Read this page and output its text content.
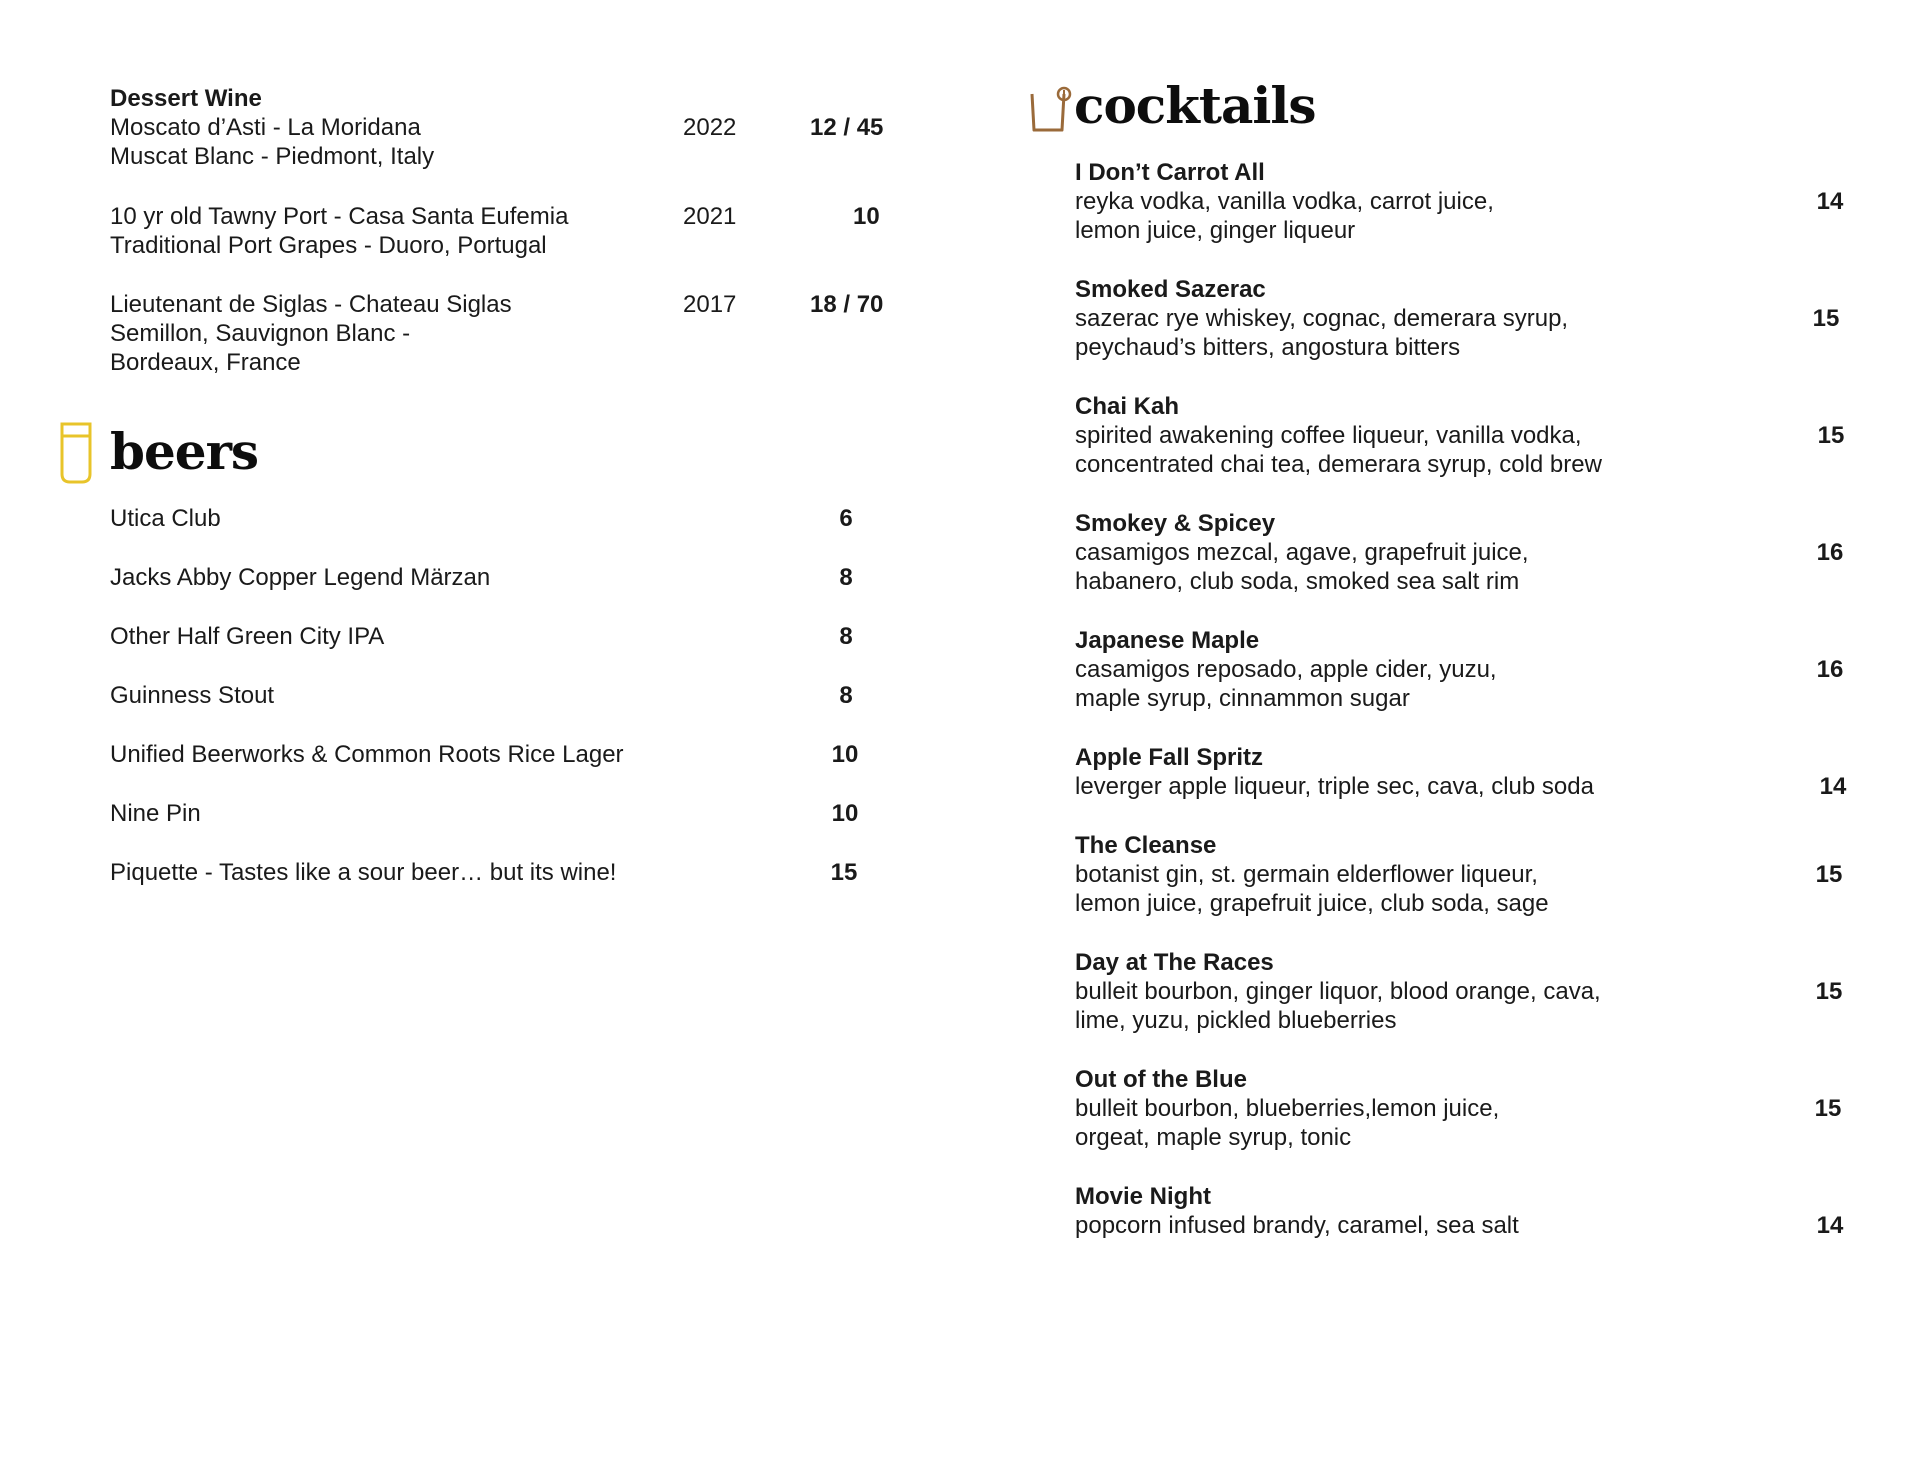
Dessert Wine
Moscato d’Asti - La Moridana	2022	12 / 45
Muscat Blanc - Piedmont, Italy
10 yr old Tawny Port - Casa Santa Eufemia	2021	10
Traditional Port Grapes - Duoro, Portugal
Lieutenant de Siglas - Chateau Siglas	2017	18 / 70
Semillon, Sauvignon Blanc -
Bordeaux, France
beers
Utica Club	6
Jacks Abby Copper Legend Märzan	8
Other Half Green City IPA	8
Guinness Stout	8
Unified Beerworks & Common Roots Rice Lager	10
Nine Pin	10
Piquette - Tastes like a sour beer… but its wine!	15
cocktails
I Don’t Carrot All
reyka vodka, vanilla vodka, carrot juice,	14
lemon juice, ginger liqueur
Smoked Sazerac
sazerac rye whiskey, cognac, demerara syrup,	15
peychaud’s bitters, angostura bitters
Chai Kah
spirited awakening coffee liqueur, vanilla vodka,	15
concentrated chai tea, demerara syrup, cold brew
Smokey & Spicey
casamigos mezcal, agave, grapefruit juice,	16
habanero, club soda, smoked sea salt rim
Japanese Maple
casamigos reposado, apple cider, yuzu,	16
maple syrup, cinnammon sugar
Apple Fall Spritz
leverger apple liqueur, triple sec, cava, club soda	14
The Cleanse
botanist gin, st. germain elderflower liqueur,	15
lemon juice, grapefruit juice, club soda, sage
Day at The Races
bulleit bourbon, ginger liquor, blood orange, cava,	15
lime, yuzu, pickled blueberries
Out of the Blue
bulleit bourbon, blueberries,lemon juice,	15
orgeat, maple syrup, tonic
Movie Night
popcorn infused brandy, caramel, sea salt	14
